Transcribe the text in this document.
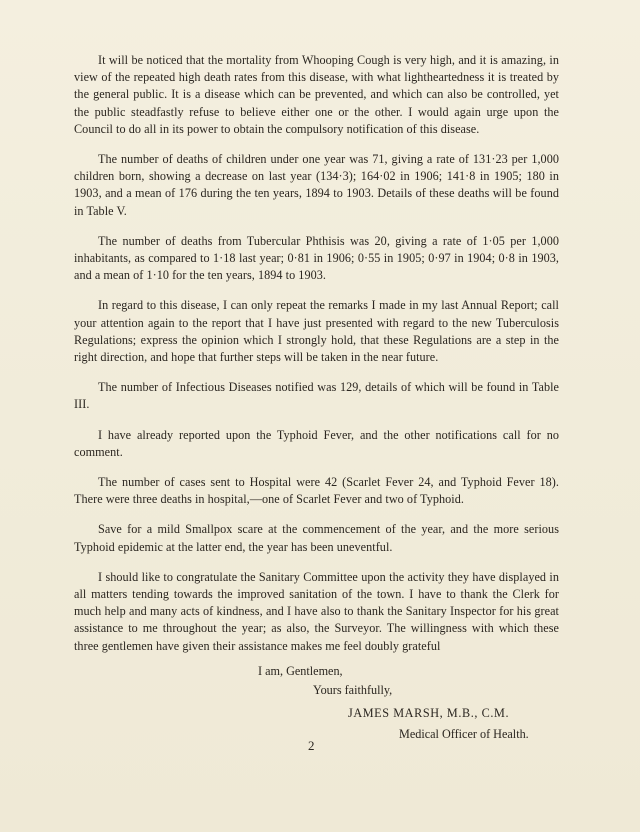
It will be noticed that the mortality from Whooping Cough is very high, and it is amazing, in view of the repeated high death rates from this disease, with what lightheartedness it is treated by the general public. It is a disease which can be prevented, and which can also be controlled, yet the public steadfastly refuse to believe either one or the other. I would again urge upon the Council to do all in its power to obtain the compulsory notification of this disease.

The number of deaths of children under one year was 71, giving a rate of 131·23 per 1,000 children born, showing a decrease on last year (134·3); 164·02 in 1906; 141·8 in 1905; 180 in 1903, and a mean of 176 during the ten years, 1894 to 1903. Details of these deaths will be found in Table V.

The number of deaths from Tubercular Phthisis was 20, giving a rate of 1·05 per 1,000 inhabitants, as compared to 1·18 last year; 0·81 in 1906; 0·55 in 1905; 0·97 in 1904; 0·8 in 1903, and a mean of 1·10 for the ten years, 1894 to 1903.

In regard to this disease, I can only repeat the remarks I made in my last Annual Report; call your attention again to the report that I have just presented with regard to the new Tuberculosis Regulations; express the opinion which I strongly hold, that these Regulations are a step in the right direction, and hope that further steps will be taken in the near future.

The number of Infectious Diseases notified was 129, details of which will be found in Table III.

I have already reported upon the Typhoid Fever, and the other notifications call for no comment.

The number of cases sent to Hospital were 42 (Scarlet Fever 24, and Typhoid Fever 18). There were three deaths in hospital,—one of Scarlet Fever and two of Typhoid.

Save for a mild Smallpox scare at the commencement of the year, and the more serious Typhoid epidemic at the latter end, the year has been uneventful.

I should like to congratulate the Sanitary Committee upon the activity they have displayed in all matters tending towards the improved sanitation of the town. I have to thank the Clerk for much help and many acts of kindness, and I have also to thank the Sanitary Inspector for his great assistance to me throughout the year; as also, the Surveyor. The willingness with which these three gentlemen have given their assistance makes me feel doubly grateful

I am, Gentlemen,
Yours faithfully,
JAMES MARSH, M.B., C.M.
Medical Officer of Health.
2
